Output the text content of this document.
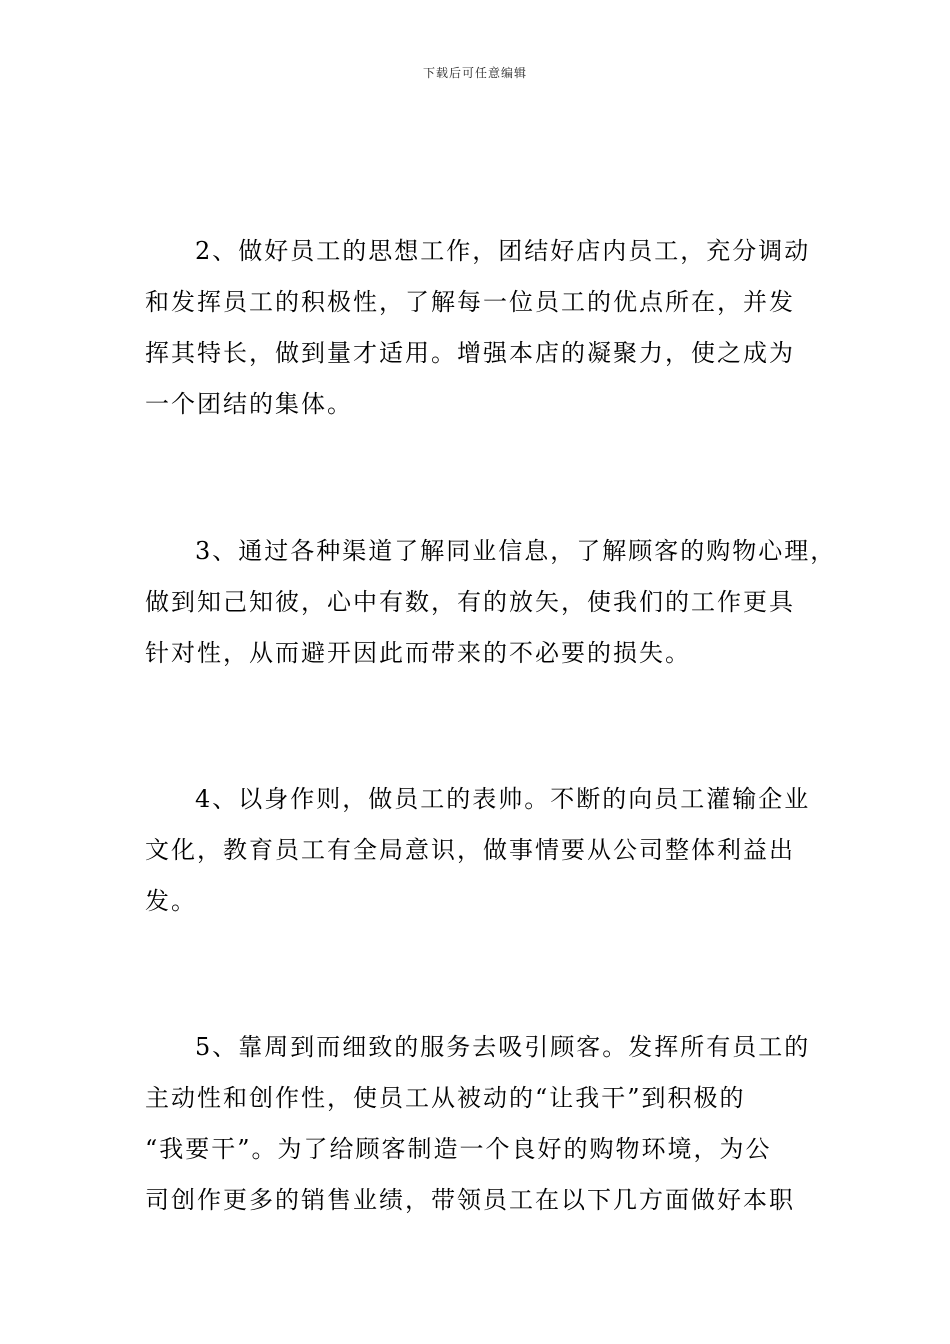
下载后可任意编辑

2、做好员工的思想工作，团结好店内员工，充分调动
和发挥员工的积极性，了解每一位员工的优点所在，并发
挥其特长，做到量才适用。增强本店的凝聚力，使之成为
一个团结的集体。

3、通过各种渠道了解同业信息，了解顾客的购物心理，
做到知己知彼，心中有数，有的放矢，使我们的工作更具
针对性，从而避开因此而带来的不必要的损失。

4、以身作则，做员工的表帅。不断的向员工灌输企业
文化，教育员工有全局意识，做事情要从公司整体利益出
发。

5、靠周到而细致的服务去吸引顾客。发挥所有员工的
主动性和创作性，使员工从被动的“让我干”到积极的
“我要干”。为了给顾客制造一个良好的购物环境，为公
司创作更多的销售业绩，带领员工在以下几方面做好本职
